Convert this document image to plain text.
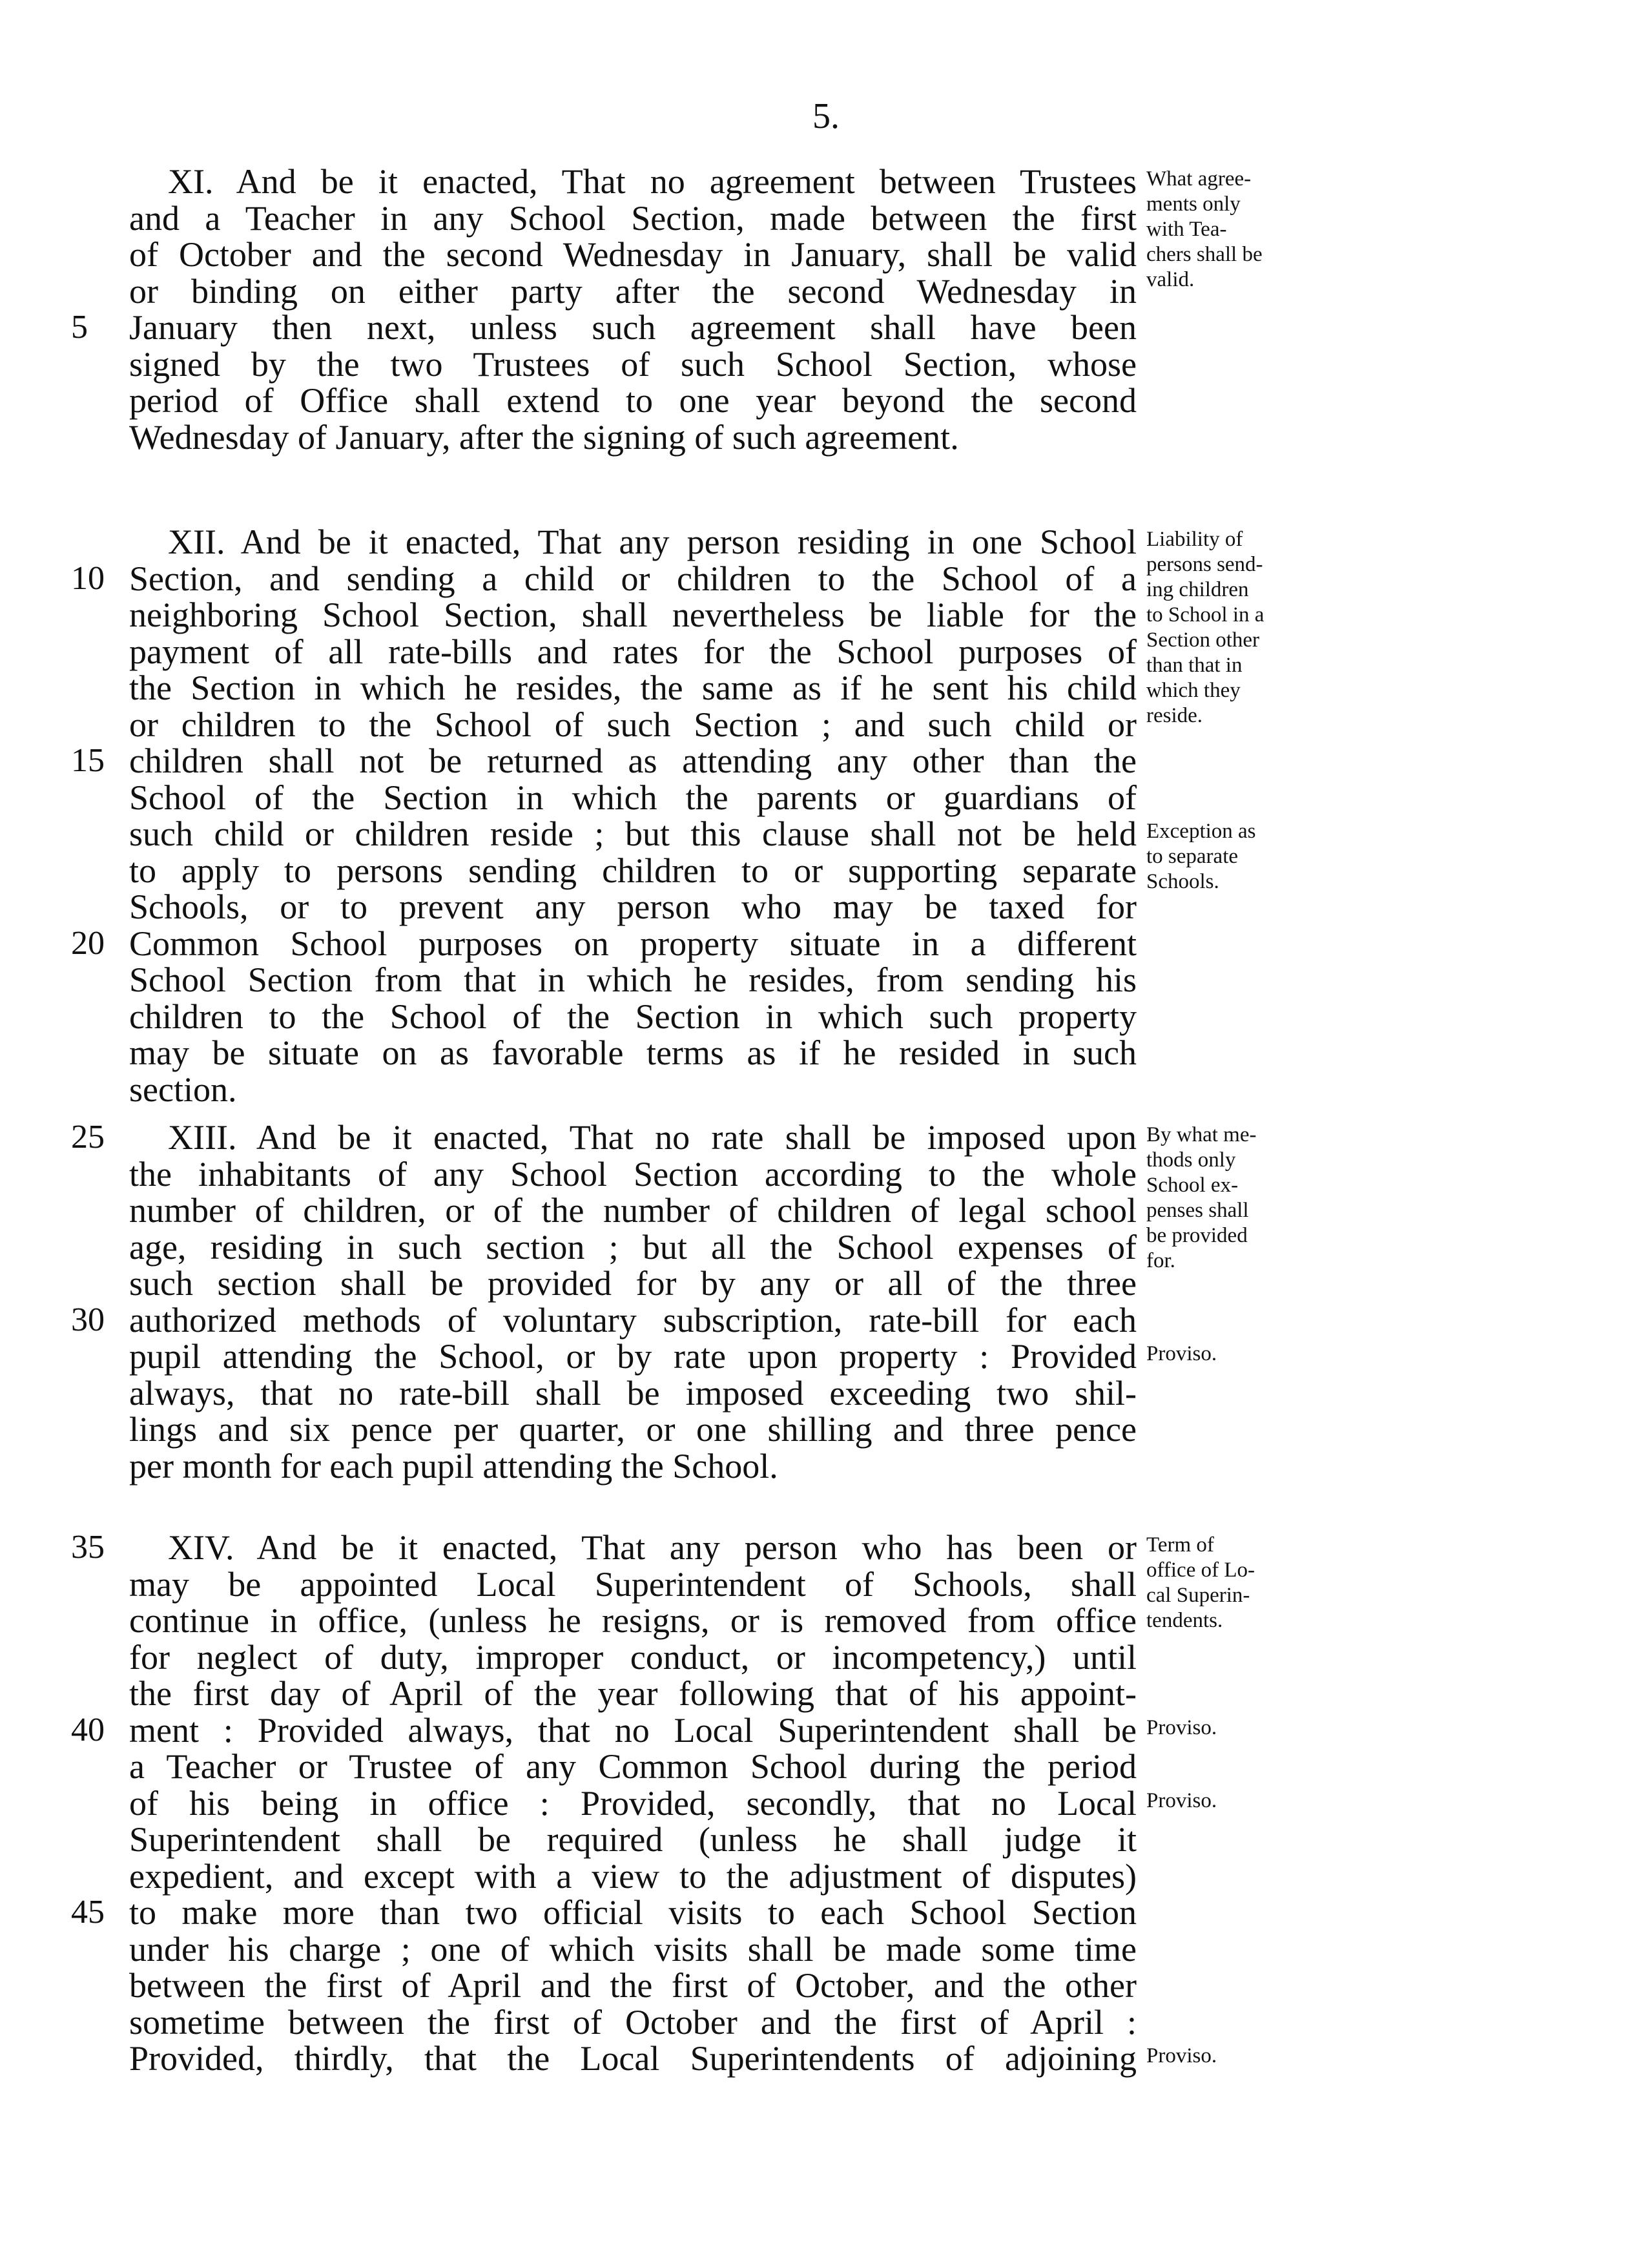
5.
XI. And be it enacted, That no agreement between Trustees
and a Teacher in any School Section, made between the first
of October and the second Wednesday in January, shall be valid
or binding on either party after the second Wednesday in
January then next, unless such agreement shall have been
5
signed by the two Trustees of such School Section, whose
period of Office shall extend to one year beyond the second
Wednesday of January, after the signing of such agreement.
What agree-
ments only
with Tea-
chers shall be
valid.
XII. And be it enacted, That any person residing in one School
Section, and sending a child or children to the School of a
10
neighboring School Section, shall nevertheless be liable for the
payment of all rate-bills and rates for the School purposes of
the Section in which he resides, the same as if he sent his child
or children to the School of such Section ; and such child or
children shall not be returned as attending any other than the
15
School of the Section in which the parents or guardians of
such child or children reside ; but this clause shall not be held
to apply to persons sending children to or supporting separate
Schools, or to prevent any person who may be taxed for
Common School purposes on property situate in a different
20
School Section from that in which he resides, from sending his
children to the School of the Section in which such property
may be situate on as favorable terms as if he resided in such
section.
Liability of
persons send-
ing children
to School in a
Section other
than that in
which they
reside.
Exception as
to separate
Schools.
XIII. And be it enacted, That no rate shall be imposed upon
25
the inhabitants of any School Section according to the whole
number of children, or of the number of children of legal school
age, residing in such section ; but all the School expenses of
such section shall be provided for by any or all of the three
authorized methods of voluntary subscription, rate-bill for each
30
pupil attending the School, or by rate upon property : Provided
always, that no rate-bill shall be imposed exceeding two shil-
lings and six pence per quarter, or one shilling and three pence
per month for each pupil attending the School.
By what me-
thods only
School ex-
penses shall
be provided
for.
Proviso.
XIV. And be it enacted, That any person who has been or
35
may be appointed Local Superintendent of Schools, shall
continue in office, (unless he resigns, or is removed from office
for neglect of duty, improper conduct, or incompetency,) until
the first day of April of the year following that of his appoint-
ment : Provided always, that no Local Superintendent shall be
40
a Teacher or Trustee of any Common School during the period
of his being in office : Provided, secondly, that no Local
Superintendent shall be required (unless he shall judge it
expedient, and except with a view to the adjustment of disputes)
to make more than two official visits to each School Section
45
under his charge ; one of which visits shall be made some time
between the first of April and the first of October, and the other
sometime between the first of October and the first of April :
Provided, thirdly, that the Local Superintendents of adjoining
Term of
office of Lo-
cal Superin-
tendents.
Proviso.
Proviso.
Proviso.
